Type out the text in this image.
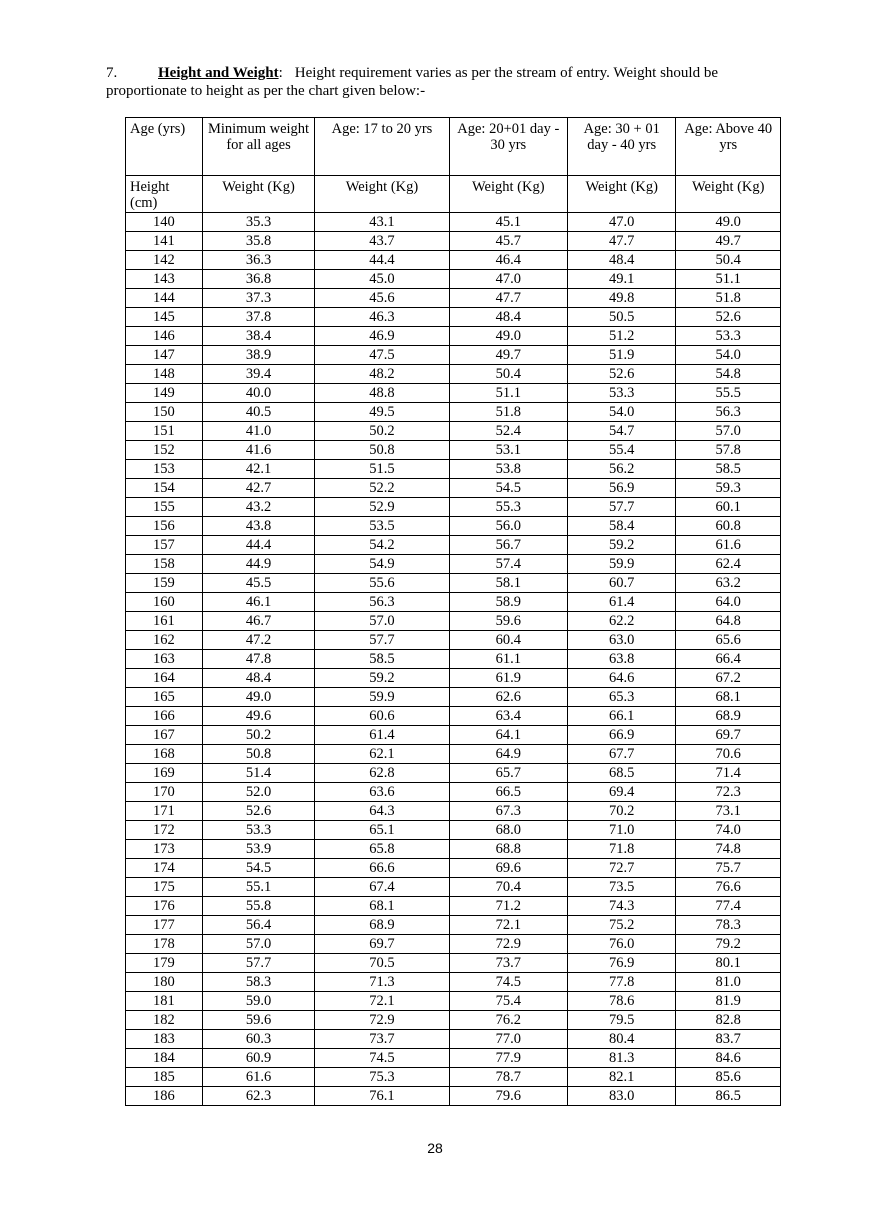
7.	Height and Weight: Height requirement varies as per the stream of entry. Weight should be proportionate to height as per the chart given below:-
Age (yrs)	Minimum weight for all ages	Age: 17 to 20 yrs	Age: 20+01 day - 30 yrs	Age: 30 + 01 day - 40 yrs	Age: Above 40 yrs
Height (cm)	Weight (Kg)	Weight (Kg)	Weight (Kg)	Weight (Kg)	Weight (Kg)
140	35.3	43.1	45.1	47.0	49.0
141	35.8	43.7	45.7	47.7	49.7
142	36.3	44.4	46.4	48.4	50.4
143	36.8	45.0	47.0	49.1	51.1
144	37.3	45.6	47.7	49.8	51.8
145	37.8	46.3	48.4	50.5	52.6
146	38.4	46.9	49.0	51.2	53.3
147	38.9	47.5	49.7	51.9	54.0
148	39.4	48.2	50.4	52.6	54.8
149	40.0	48.8	51.1	53.3	55.5
150	40.5	49.5	51.8	54.0	56.3
151	41.0	50.2	52.4	54.7	57.0
152	41.6	50.8	53.1	55.4	57.8
153	42.1	51.5	53.8	56.2	58.5
154	42.7	52.2	54.5	56.9	59.3
155	43.2	52.9	55.3	57.7	60.1
156	43.8	53.5	56.0	58.4	60.8
157	44.4	54.2	56.7	59.2	61.6
158	44.9	54.9	57.4	59.9	62.4
159	45.5	55.6	58.1	60.7	63.2
160	46.1	56.3	58.9	61.4	64.0
161	46.7	57.0	59.6	62.2	64.8
162	47.2	57.7	60.4	63.0	65.6
163	47.8	58.5	61.1	63.8	66.4
164	48.4	59.2	61.9	64.6	67.2
165	49.0	59.9	62.6	65.3	68.1
166	49.6	60.6	63.4	66.1	68.9
167	50.2	61.4	64.1	66.9	69.7
168	50.8	62.1	64.9	67.7	70.6
169	51.4	62.8	65.7	68.5	71.4
170	52.0	63.6	66.5	69.4	72.3
171	52.6	64.3	67.3	70.2	73.1
172	53.3	65.1	68.0	71.0	74.0
173	53.9	65.8	68.8	71.8	74.8
174	54.5	66.6	69.6	72.7	75.7
175	55.1	67.4	70.4	73.5	76.6
176	55.8	68.1	71.2	74.3	77.4
177	56.4	68.9	72.1	75.2	78.3
178	57.0	69.7	72.9	76.0	79.2
179	57.7	70.5	73.7	76.9	80.1
180	58.3	71.3	74.5	77.8	81.0
181	59.0	72.1	75.4	78.6	81.9
182	59.6	72.9	76.2	79.5	82.8
183	60.3	73.7	77.0	80.4	83.7
184	60.9	74.5	77.9	81.3	84.6
185	61.6	75.3	78.7	82.1	85.6
186	62.3	76.1	79.6	83.0	86.5
28
